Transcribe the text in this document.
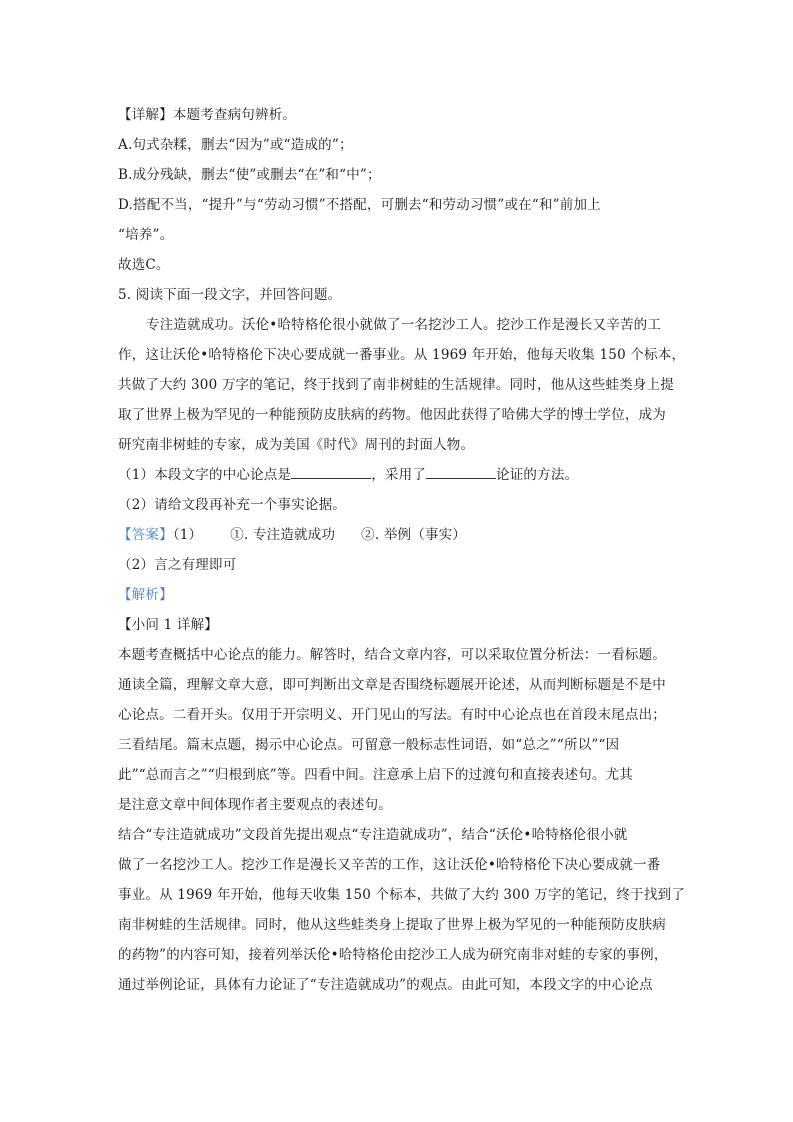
【详解】本题考查病句辨析。
A.句式杂糅，删去“因为”或“造成的”；
B.成分残缺，删去“使”或删去“在”和“中”；
D.搭配不当，“提升”与“劳动习惯”不搭配，可删去“和劳动习惯”或在“和”前加上
“培养”。
故选C。
5. 阅读下面一段文字，并回答问题。
专注造就成功。沃伦•哈特格伦很小就做了一名挖沙工人。挖沙工作是漫长又辛苦的工
作，这让沃伦•哈特格伦下决心要成就一番事业。从 1969 年开始，他每天收集 150 个标本，
共做了大约 300 万字的笔记，终于找到了南非树蛙的生活规律。同时，他从这些蛙类身上提
取了世界上极为罕见的一种能预防皮肤病的药物。他因此获得了哈佛大学的博士学位，成为
研究南非树蛙的专家，成为美国《时代》周刊的封面人物。
（1）本段文字的中心论点是	，采用了	论证的方法。
（2）请给文段再补充一个事实论据。
【答案】（1） ①. 专注造就成功 ②. 举例（事实）
（2）言之有理即可
【解析】
【小问 1 详解】
本题考查概括中心论点的能力。解答时，结合文章内容，可以采取位置分析法：一看标题。
通读全篇，理解文章大意，即可判断出文章是否围绕标题展开论述，从而判断标题是不是中
心论点。二看开头。仅用于开宗明义、开门见山的写法。有时中心论点也在首段末尾点出；
三看结尾。篇末点题，揭示中心论点。可留意一般标志性词语，如“总之”“所以”“因
此”“总而言之”“归根到底”等。四看中间。注意承上启下的过渡句和直接表述句。尤其
是注意文章中间体现作者主要观点的表述句。
结合“专注造就成功”文段首先提出观点“专注造就成功”，结合“沃伦•哈特格伦很小就
做了一名挖沙工人。挖沙工作是漫长又辛苦的工作，这让沃伦•哈特格伦下决心要成就一番
事业。从 1969 年开始，他每天收集 150 个标本，共做了大约 300 万字的笔记，终于找到了
南非树蛙的生活规律。同时，他从这些蛙类身上提取了世界上极为罕见的一种能预防皮肤病
的药物”的内容可知，接着列举沃伦•哈特格伦由挖沙工人成为研究南非对蛙的专家的事例，
通过举例论证，具体有力论证了“专注造就成功”的观点。由此可知，本段文字的中心论点
